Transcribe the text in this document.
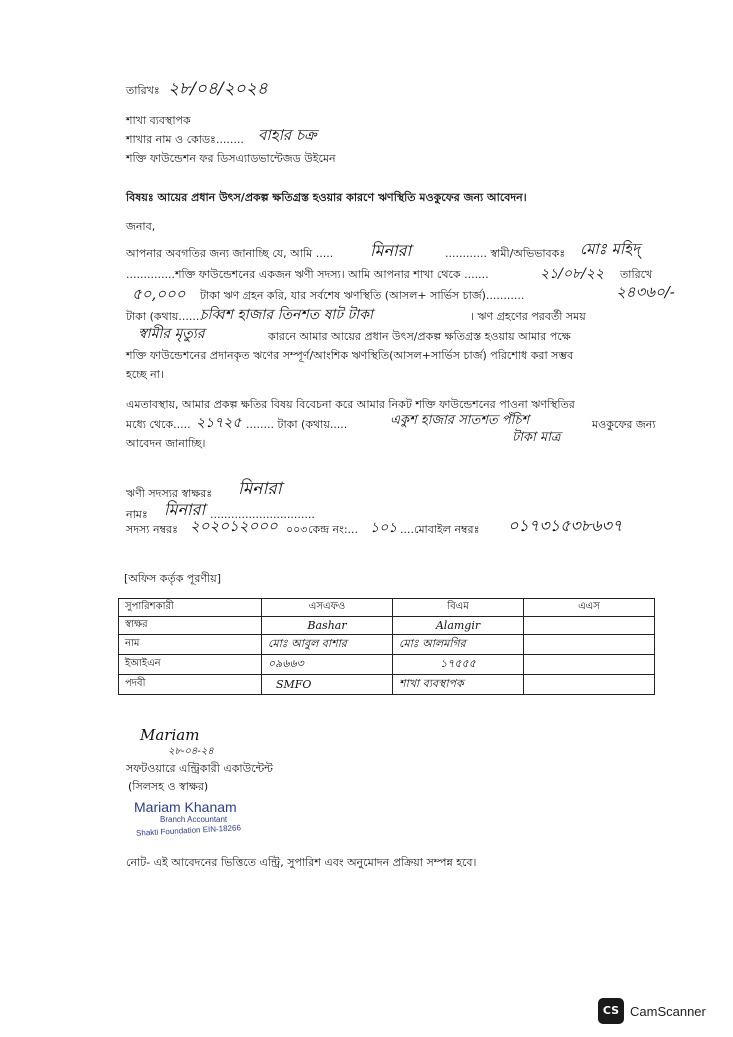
তারিখঃ ২৮/০৪/২০২৪
শাখা ব্যবস্থাপক
শাখার নাম ও কোডঃ........ বাহার চক্র
শক্তি ফাউন্ডেশন ফর ডিসএ্যাডভান্টেজড উইমেন
বিষয়ঃ আয়ের প্রধান উৎস/প্রকল্প ক্ষতিগ্রস্ত হওয়ার কারণে ঋণস্থিতি মওকুফের জন্য আবেদন।
জনাব,
আপনার অবগতির জন্য জানাচ্ছি যে, আমি ..... মিনারা	............ স্বামী/অভিভাবকঃ মোঃ মহিদ্
..............শক্তি ফাউন্ডেশনের একজন ঋণী সদস্য। আমি আপনার শাখা থেকে .......	২১/০৮/২২ তারিখে
৫০,০০০ টাকা ঋণ গ্রহন করি, যার সর্বশেষ ঋণস্থিতি (আসল+ সার্ভিস চার্জ)...........	২৪৩৬০/-
টাকা (কথায়.......
চব্বিশ হাজার তিনশত ষাট টাকা	। ঋণ গ্রহণের পরবর্তী সময়
স্বামীর মৃত্যুর	কারনে আমার আয়ের প্রধান উৎস/প্রকল্প ক্ষতিগ্রস্ত হওয়ায় আমার পক্ষে
শক্তি ফাউন্ডেশনের প্রদানকৃত ঋণের সম্পূর্ণ/আংশিক ঋণস্থিতি(আসল+সার্ভিস চার্জ) পরিশোধ করা সম্ভব
হচ্ছে না।
এমতাবস্থায়, আমার প্রকল্প ক্ষতির বিষয় বিবেচনা করে আমার নিকট শক্তি ফাউন্ডেশনের পাওনা ঋণস্থিতির
মধ্যে থেকে..... ২১৭২৫ ........ টাকা (কথায়.....	একুশ হাজার সাতশত পঁচিশ	মওকুফের জন্য
টাকা মাত্র
আবেদন জানাচ্ছি।
ঋণী সদস্যর স্বাক্ষরঃ মিনারা
নামঃ মিনারা ..............................
সদস্য নম্বরঃ ২০২০১২০০০ ০০৩ কেন্দ্র নং:... ১০১ ....মোবাইল নম্বরঃ ০১৭৩১৫৩৮৬৩৭
[অফিস কর্তৃক পূরণীয়]
সুপারিশকারী	এসএফও	বিএম	এএস
স্বাক্ষর	Bashar	Alamgir	
নাম	মোঃ আবুল বাশার	মোঃ আলমগির	
ইআইএন	০৯৬৬৩	১৭৫৫৫	
পদবী	SMFO	শাখা ব্যবস্থাপক	
Mariam
২৮-০৪-২৪
সফটওয়ারে এন্ট্রিকারী একাউন্টেন্ট
(সিলসহ ও স্বাক্ষর)
Mariam Khanam
Branch Accountant
Shakti Foundation EIN-18266
নোট- এই আবেদনের ভিত্তিতে এন্ট্রি, সুপারিশ এবং অনুমোদন প্রক্রিয়া সম্পন্ন হবে।
CS CamScanner
